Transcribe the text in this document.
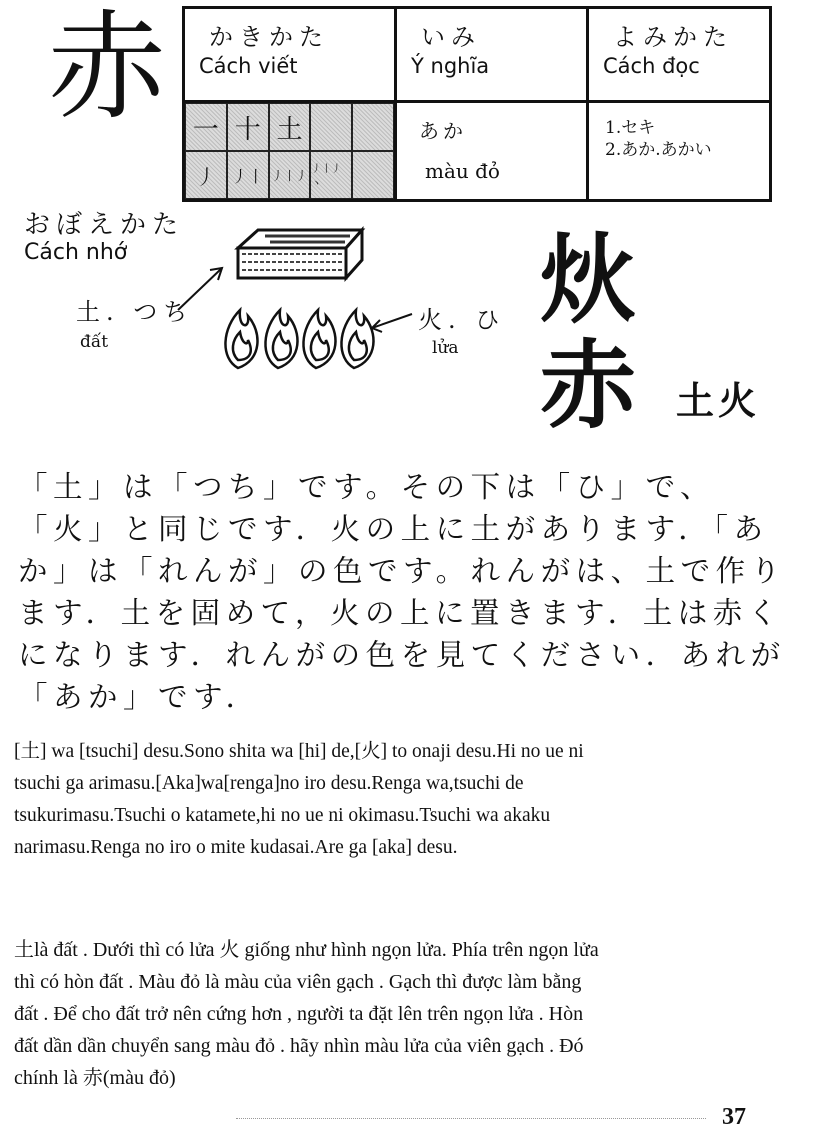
赤 かきかた
Cách viết
いみ
Ý nghĩa
よみかた
Cách đọc
一 十 土
丿 丿丨 丿丨丿 丿丨丿丶
あか
màu đỏ
1.セキ
2.あか.あかい
おぼえかた
Cách nhớ
土. つち
đất
火. ひ
lửa
炏 赤 土火
「土」は「つち」です。その下は「ひ」で、
「火」と同じです．火の上に土があります．「あ
か」は「れんが」の色です。れんがは、土で作り
ます．土を固めて，火の上に置きます．土は赤く
になります．れんがの色を見てください．あれが
「あか」です．
[土] wa [tsuchi] desu.Sono shita wa [hi] de,[火] to onaji desu.Hi no ue ni
tsuchi ga arimasu.[Aka]wa[renga]no iro desu.Renga wa,tsuchi de
tsukurimasu.Tsuchi o katamete,hi no ue ni okimasu.Tsuchi wa akaku
narimasu.Renga no iro o mite kudasai.Are ga [aka] desu.
土là đất . Dưới thì có lửa 火 giống như hình ngọn lửa. Phía trên ngọn lửa
thì có hòn đất . Màu đỏ là màu của viên gạch . Gạch thì được làm bằng
đất . Để cho đất trở nên cứng hơn , người ta đặt lên trên ngọn lửa . Hòn
đất dần dần chuyển sang màu đỏ . hãy nhìn màu lửa của viên gạch . Đó
chính là 赤(màu đỏ)
37
